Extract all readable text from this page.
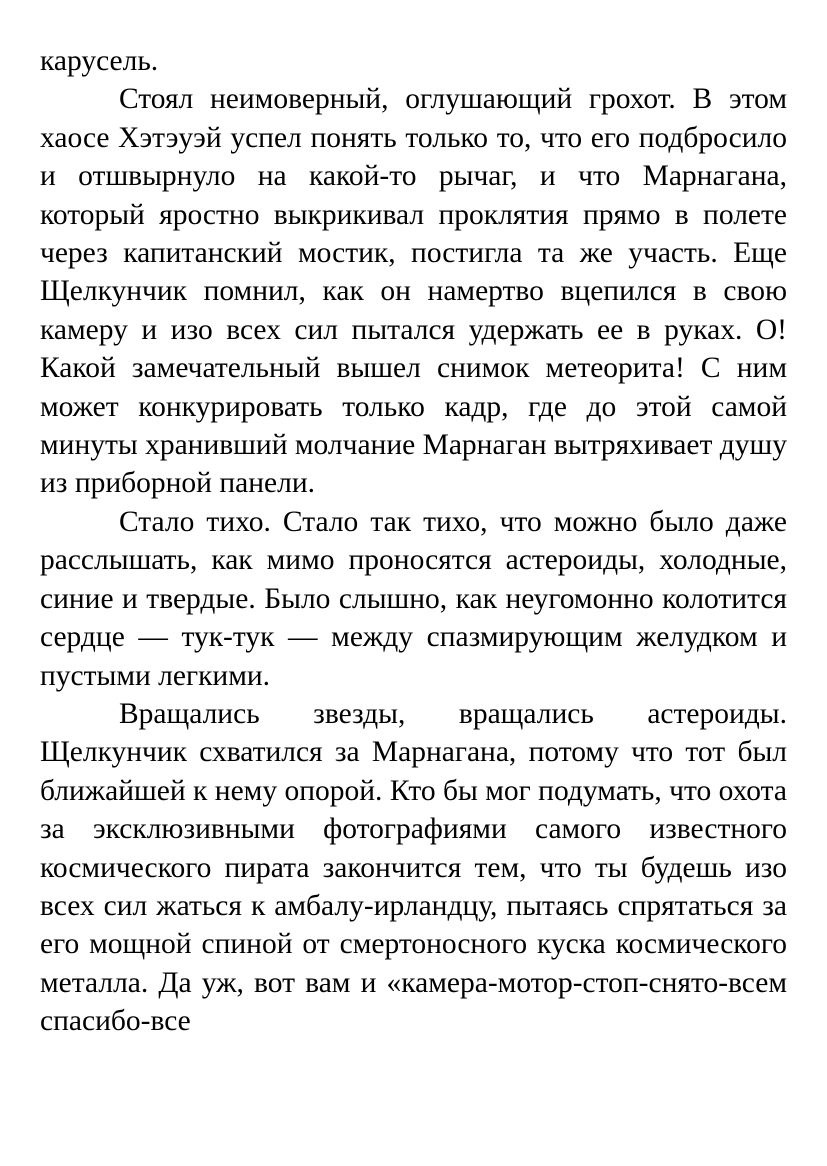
карусель.

Стоял неимоверный, оглушающий грохот. В этом хаосе Хэтэуэй успел понять только то, что его подбросило и отшвырнуло на какой-то рычаг, и что Марнагана, который яростно выкрикивал проклятия прямо в полете через капитанский мостик, постигла та же участь. Еще Щелкунчик помнил, как он намертво вцепился в свою камеру и изо всех сил пытался удержать ее в руках. О! Какой замечательный вышел снимок метеорита! С ним может конкурировать только кадр, где до этой самой минуты хранивший молчание Марнаган вытряхивает душу из приборной панели.

Стало тихо. Стало так тихо, что можно было даже расслышать, как мимо проносятся астероиды, холодные, синие и твердые. Было слышно, как неугомонно колотится сердце — тук-тук — между спазмирующим желудком и пустыми легкими.

Вращались звезды, вращались астероиды. Щелкунчик схватился за Марнагана, потому что тот был ближайшей к нему опорой. Кто бы мог подумать, что охота за эксклюзивными фотографиями самого известного космического пирата закончится тем, что ты будешь изо всех сил жаться к амбалу-ирландцу, пытаясь спрятаться за его мощной спиной от смертоносного куска космического металла. Да уж, вот вам и «камера-мотор-стоп-снято-всем спасибо-все
